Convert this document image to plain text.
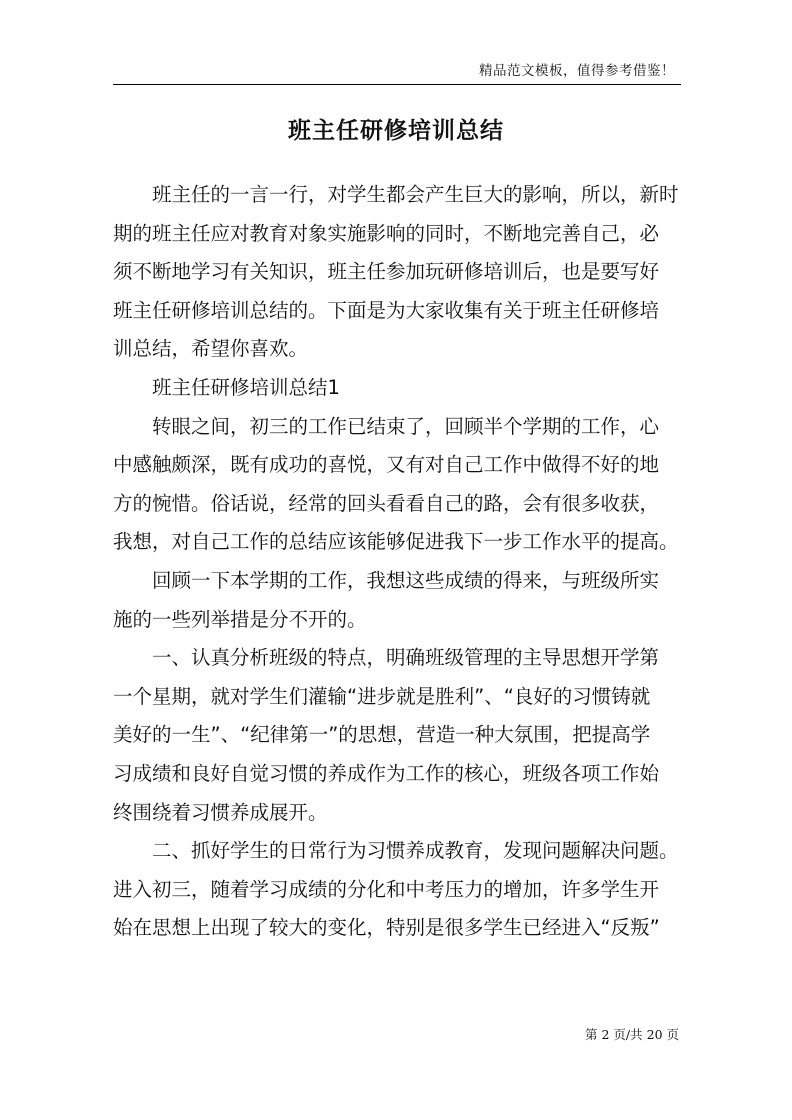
精品范文模板，值得参考借鉴！
班主任研修培训总结
班主任的一言一行，对学生都会产生巨大的影响，所以，新时
期的班主任应对教育对象实施影响的同时，不断地完善自己，必
须不断地学习有关知识，班主任参加玩研修培训后，也是要写好
班主任研修培训总结的。下面是为大家收集有关于班主任研修培
训总结，希望你喜欢。
班主任研修培训总结1
转眼之间，初三的工作已结束了，回顾半个学期的工作，心
中感触颇深，既有成功的喜悦，又有对自己工作中做得不好的地
方的惋惜。俗话说，经常的回头看看自己的路，会有很多收获，
我想，对自己工作的总结应该能够促进我下一步工作水平的提高。
回顾一下本学期的工作，我想这些成绩的得来，与班级所实
施的一些列举措是分不开的。
一、认真分析班级的特点，明确班级管理的主导思想开学第
一个星期，就对学生们灌输“进步就是胜利”、“良好的习惯铸就
美好的一生”、“纪律第一”的思想，营造一种大氛围，把提高学
习成绩和良好自觉习惯的养成作为工作的核心，班级各项工作始
终围绕着习惯养成展开。
二、抓好学生的日常行为习惯养成教育，发现问题解决问题。
进入初三，随着学习成绩的分化和中考压力的增加，许多学生开
始在思想上出现了较大的变化，特别是很多学生已经进入“反叛”
第 2 页/共 20 页
